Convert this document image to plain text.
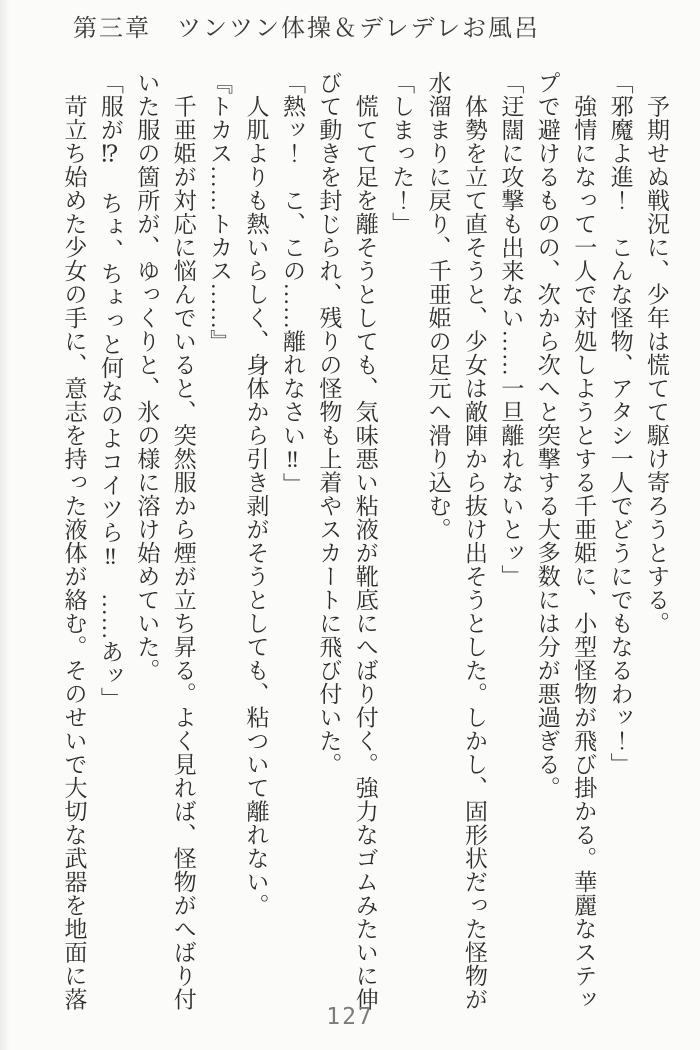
第三章　ツンツン体操＆デレデレお風呂

　予期せぬ戦況に、少年は慌てて駆け寄ろうとする。

「邪魔よ進！　こんな怪物、アタシ一人でどうにでもなるわッ！」

　強情になって一人で対処しようとする千亜姫に、小型怪物が飛び掛かる。華麗なステッ

プで避けるものの、次から次へと突撃する大多数には分が悪過ぎる。

「迂闊に攻撃も出来ない……一旦離れないとッ」

　体勢を立て直そうと、少女は敵陣から抜け出そうとした。しかし、固形状だった怪物が

水溜まりに戻り、千亜姫の足元へ滑り込む。

「しまった！」

　慌てて足を離そうとしても、気味悪い粘液が靴底にへばり付く。強力なゴムみたいに伸

びて動きを封じられ、残りの怪物も上着やスカートに飛び付いた。

「熱ッ！　こ、この……離れなさい‼」

　人肌よりも熱いらしく、身体から引き剥がそうとしても、粘ついて離れない。

『トカス……トカス……』

　千亜姫が対応に悩んでいると、突然服から煙が立ち昇る。よく見れば、怪物がへばり付

いた服の箇所が、ゆっくりと、氷の様に溶け始めていた。

「服が⁉　ちょ、ちょっと何なのよコイツら‼　……あッ」

　苛立ち始めた少女の手に、意志を持った液体が絡む。そのせいで大切な武器を地面に落

127
